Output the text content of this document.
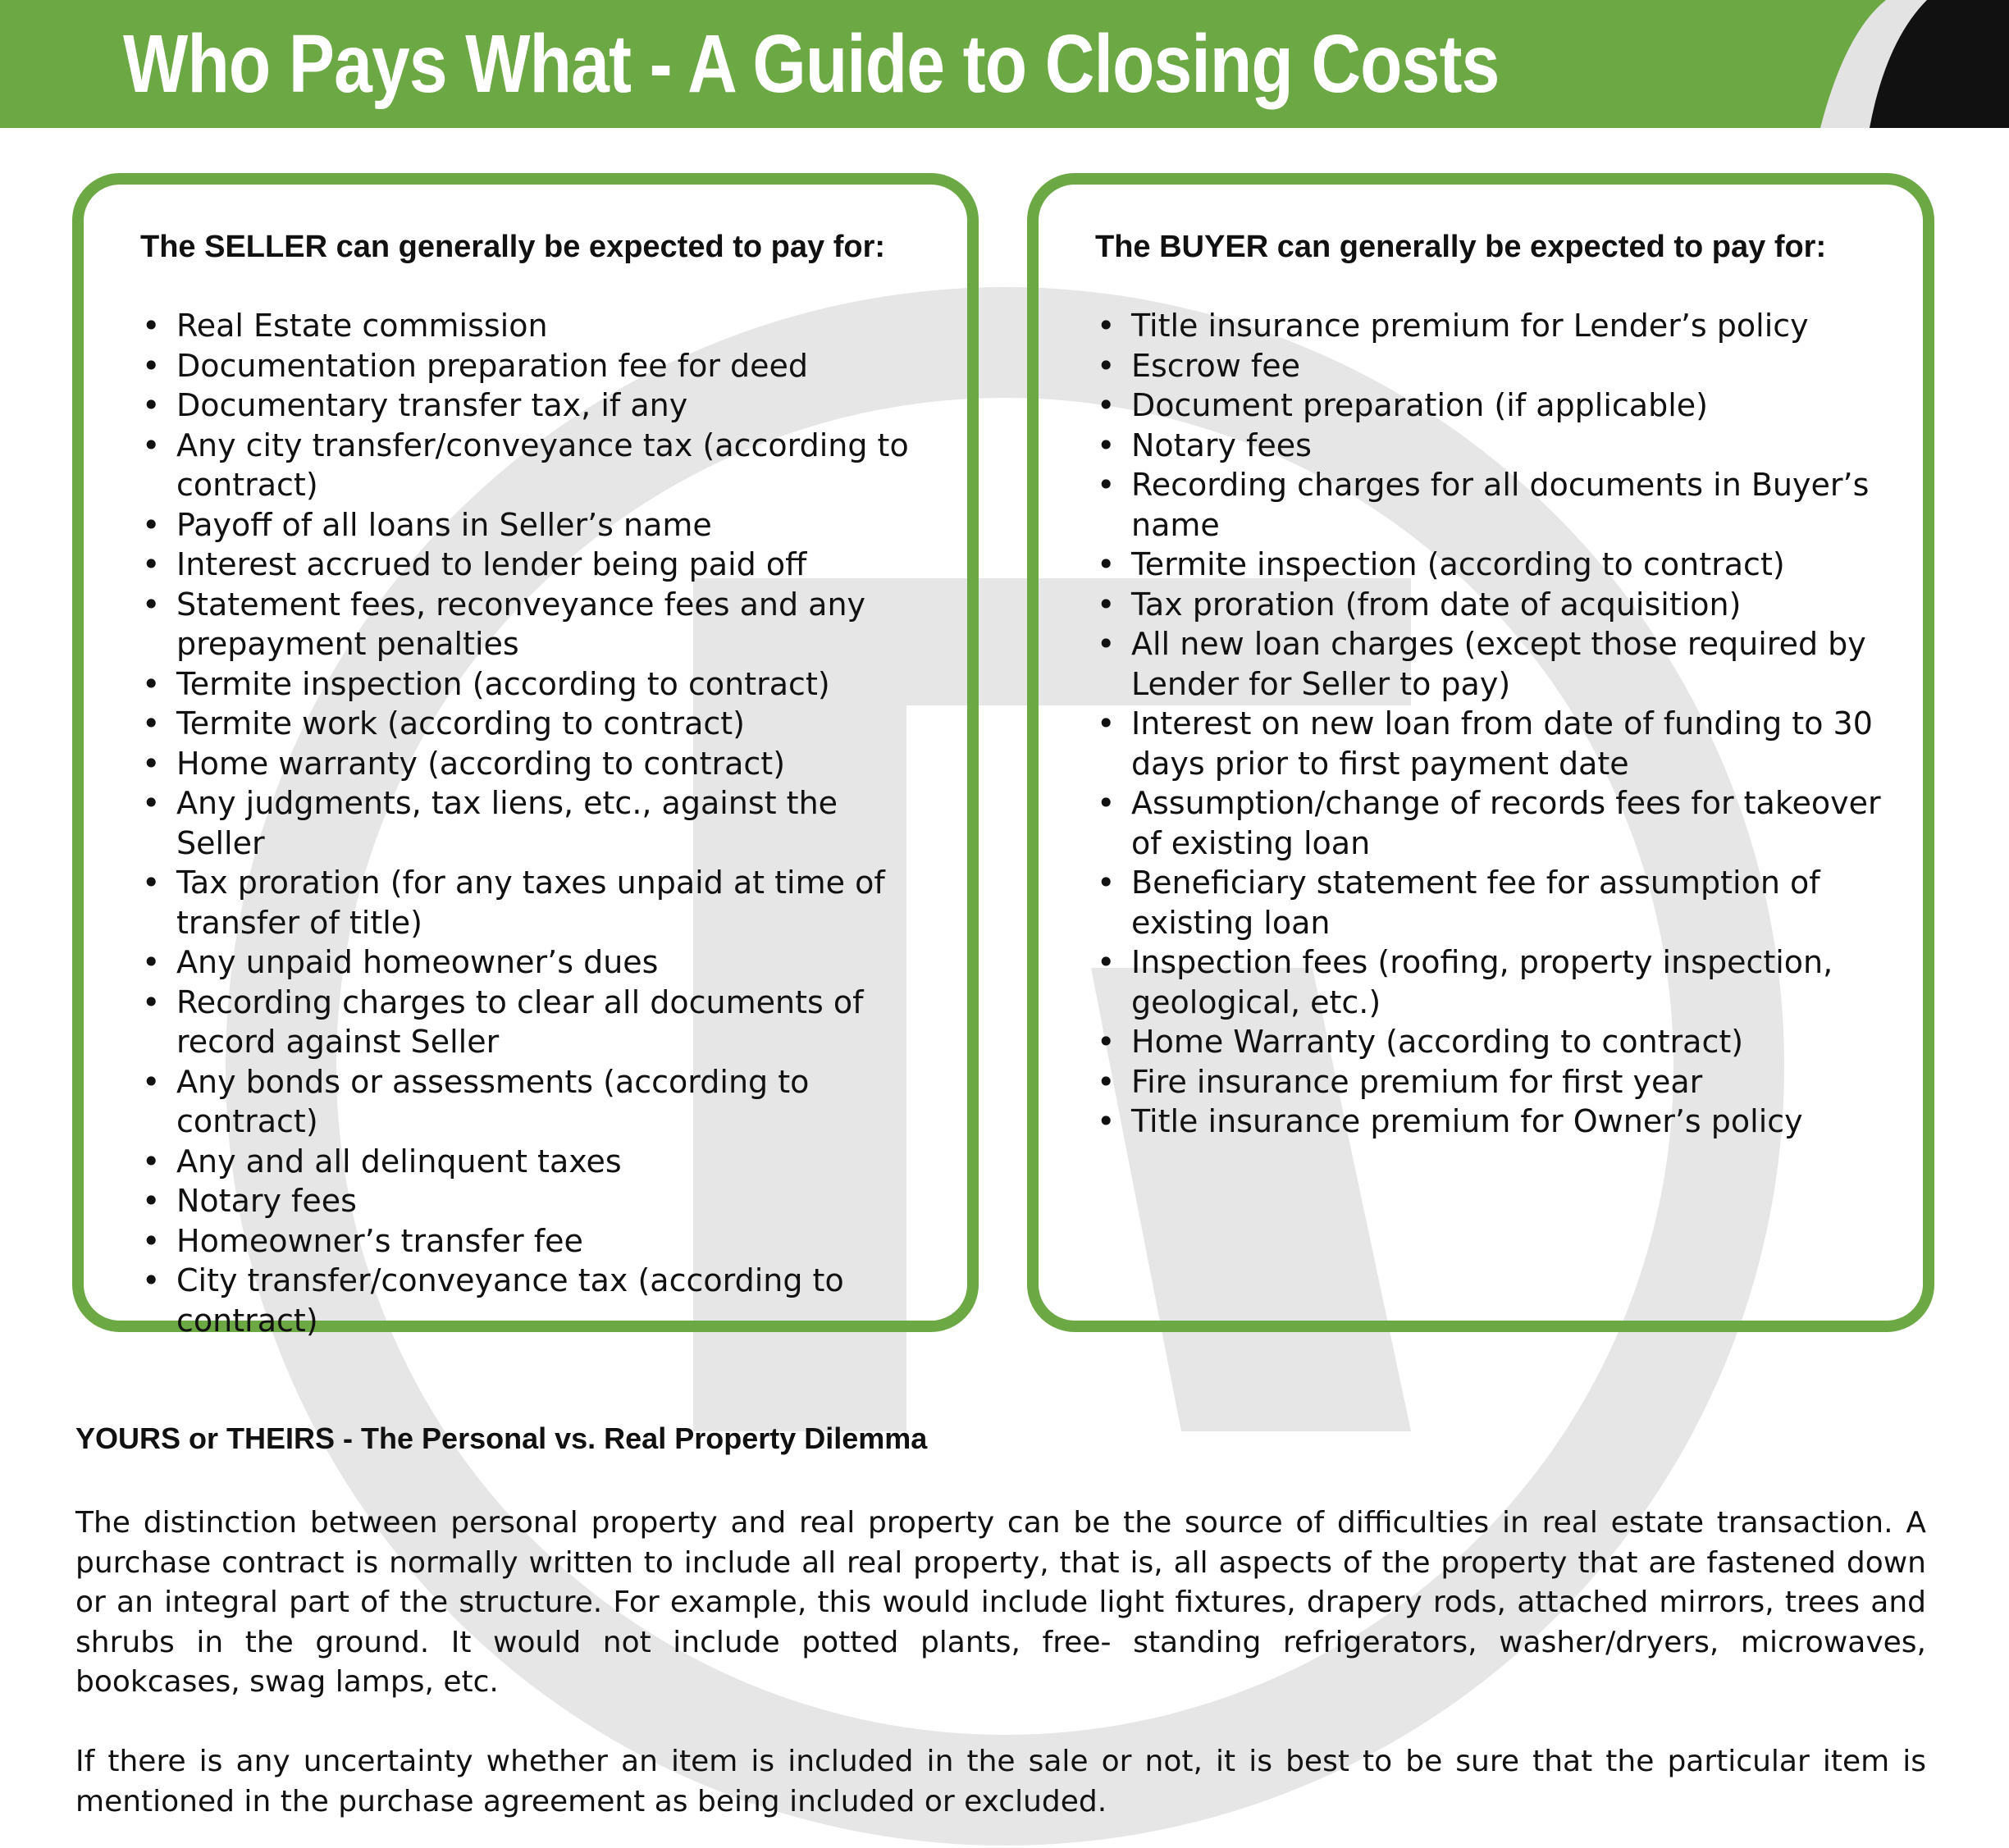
Who Pays What - A Guide to Closing Costs
The SELLER can generally be expected to pay for:
• Real Estate commission
• Documentation preparation fee for deed
• Documentary transfer tax, if any
• Any city transfer/conveyance tax (according to contract)
• Payoff of all loans in Seller’s name
• Interest accrued to lender being paid off
• Statement fees, reconveyance fees and any prepayment penalties
• Termite inspection (according to contract)
• Termite work (according to contract)
• Home warranty (according to contract)
• Any judgments, tax liens, etc., against the Seller
• Tax proration (for any taxes unpaid at time of transfer of title)
• Any unpaid homeowner’s dues
• Recording charges to clear all documents of record against Seller
• Any bonds or assessments (according to contract)
• Any and all delinquent taxes
• Notary fees
• Homeowner’s transfer fee
• City transfer/conveyance tax (according to contract)
The BUYER can generally be expected to pay for:
• Title insurance premium for Lender’s policy
• Escrow fee
• Document preparation (if applicable)
• Notary fees
• Recording charges for all documents in Buyer’s name
• Termite inspection (according to contract)
• Tax proration (from date of acquisition)
• All new loan charges (except those required by Lender for Seller to pay)
• Interest on new loan from date of funding to 30 days prior to first payment date
• Assumption/change of records fees for takeover of existing loan
• Beneficiary statement fee for assumption of existing loan
• Inspection fees (roofing, property inspection, geological, etc.)
• Home Warranty (according to contract)
• Fire insurance premium for first year
• Title insurance premium for Owner’s policy
YOURS or THEIRS - The Personal vs. Real Property Dilemma

The distinction between personal property and real property can be the source of difficulties in real estate transaction. A purchase contract is normally written to include all real property, that is, all aspects of the property that are fastened down or an integral part of the structure. For example, this would include light fixtures, drapery rods, attached mirrors, trees and shrubs in the ground. It would not include potted plants, free- standing refrigerators, washer/dryers, microwaves, bookcases, swag lamps, etc.

If there is any uncertainty whether an item is included in the sale or not, it is best to be sure that the particular item is mentioned in the purchase agreement as being included or excluded.
